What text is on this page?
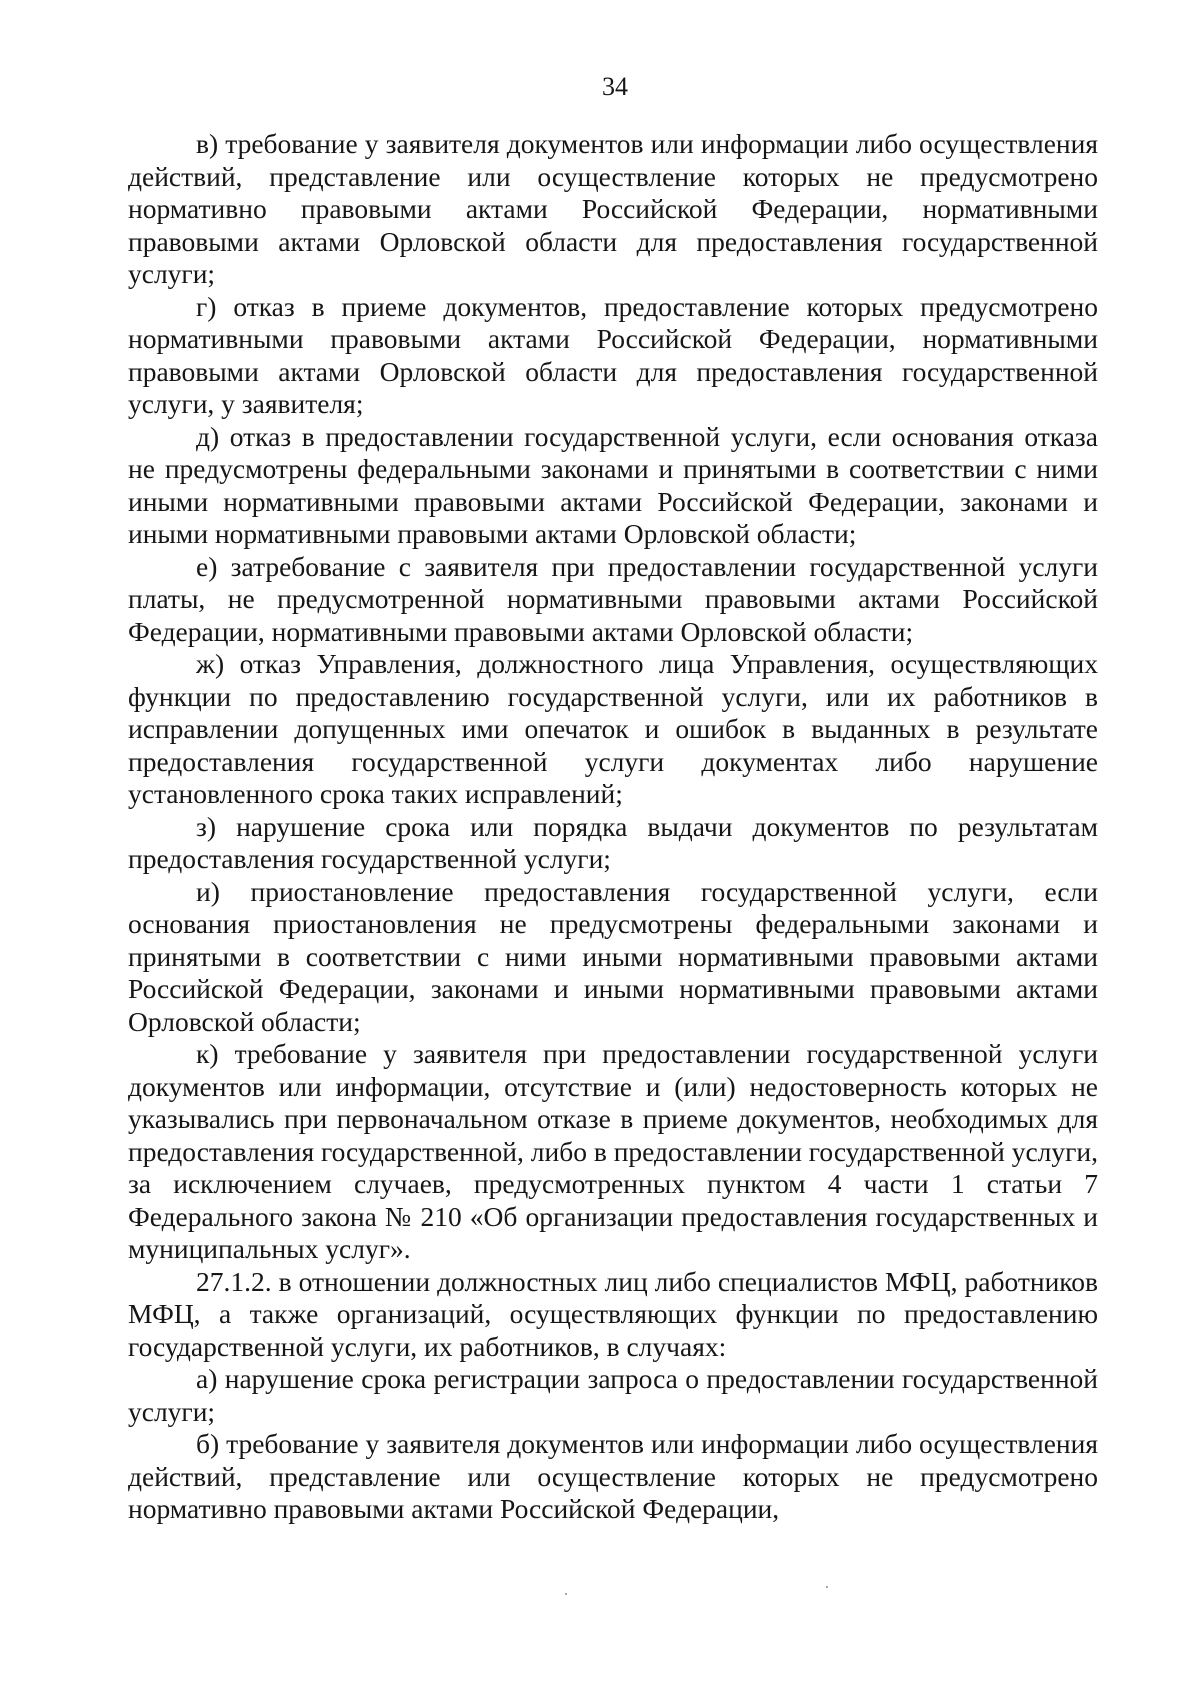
34

в) требование у заявителя документов или информации либо осуществления действий, представление или осуществление которых не предусмотрено нормативно правовыми актами Российской Федерации, нормативными правовыми актами Орловской области для предоставления государственной услуги;

г) отказ в приеме документов, предоставление которых предусмотрено нормативными правовыми актами Российской Федерации, нормативными правовыми актами Орловской области для предоставления государственной услуги, у заявителя;

д) отказ в предоставлении государственной услуги, если основания отказа не предусмотрены федеральными законами и принятыми в соответствии с ними иными нормативными правовыми актами Российской Федерации, законами и иными нормативными правовыми актами Орловской области;

е) затребование с заявителя при предоставлении государственной услуги платы, не предусмотренной нормативными правовыми актами Российской Федерации, нормативными правовыми актами Орловской области;

ж) отказ Управления, должностного лица Управления, осуществляющих функции по предоставлению государственной услуги, или их работников в исправлении допущенных ими опечаток и ошибок в выданных в результате предоставления государственной услуги документах либо нарушение установленного срока таких исправлений;

з) нарушение срока или порядка выдачи документов по результатам предоставления государственной услуги;

и) приостановление предоставления государственной услуги, если основания приостановления не предусмотрены федеральными законами и принятыми в соответствии с ними иными нормативными правовыми актами Российской Федерации, законами и иными нормативными правовыми актами Орловской области;

к) требование у заявителя при предоставлении государственной услуги документов или информации, отсутствие и (или) недостоверность которых не указывались при первоначальном отказе в приеме документов, необходимых для предоставления государственной, либо в предоставлении государственной услуги, за исключением случаев, предусмотренных пунктом 4 части 1 статьи 7 Федерального закона № 210 «Об организации предоставления государственных и муниципальных услуг».

27.1.2. в отношении должностных лиц либо специалистов МФЦ, работников МФЦ, а также организаций, осуществляющих функции по предоставлению государственной услуги, их работников, в случаях:

а) нарушение срока регистрации запроса о предоставлении государственной услуги;

б) требование у заявителя документов или информации либо осуществления действий, представление или осуществление которых не предусмотрено нормативно правовыми актами Российской Федерации,
